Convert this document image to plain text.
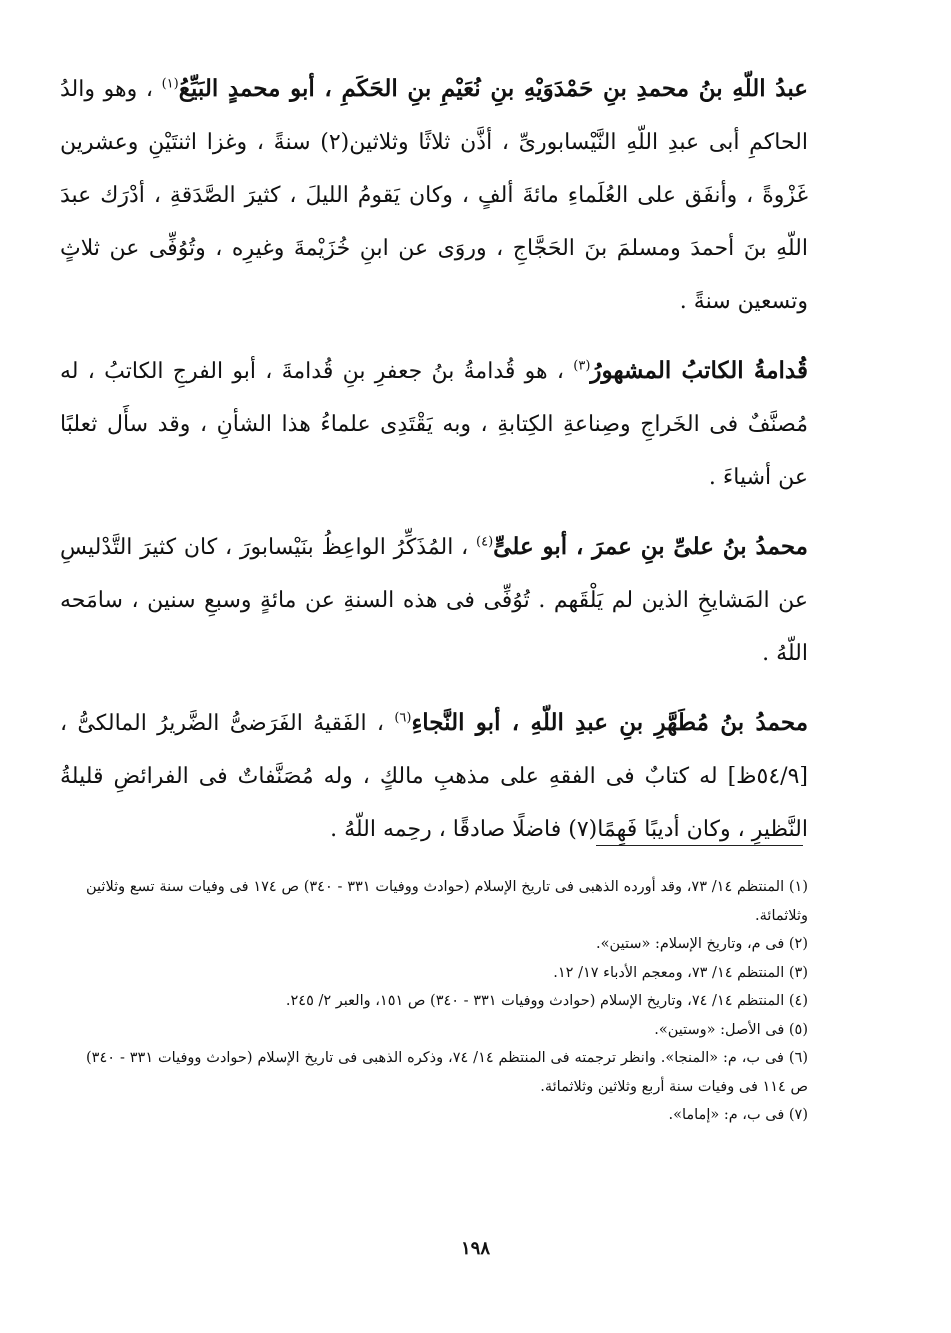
عبدُ اللّهِ بنُ محمدِ بنِ حَمْدَوَيْهِ بنِ نُعَيْمِ بنِ الحَكَمِ ، أبو محمدٍ البَيِّعُ$^{(١)}$ ، وهو والدُ الحاكمِ أبى عبدِ اللّهِ النَّيْسابورىِّ ، أذَّن ثلاثًا وثلاثين(٢) سنةً ، وغزا اثنتَيْنِ وعشرين غَزْوةً ، وأنفَق على العُلَماءِ مائةَ ألفٍ ، وكان يَقومُ الليلَ ، كثيرَ الصَّدَقةِ ، أدْرَك عبدَ اللّهِ بنَ أحمدَ ومسلمَ بنَ الحَجَّاجِ ، وروَى عن ابنِ خُزَيْمةَ وغيرِه ، وتُوُفِّى عن ثلاثٍ وتسعين سنةً .

قُدامةُ الكاتبُ المشهورُ$^{(٣)}$ ، هو قُدامةُ بنُ جعفرِ بنِ قُدامةَ ، أبو الفرجِ الكاتبُ ، له مُصنَّفٌ فى الخَراجِ وصِناعةِ الكِتابةِ ، وبه يَقْتَدِى علماءُ هذا الشأنِ ، وقد سأَل ثعلبًا عن أشياءَ .

محمدُ بنُ علىِّ بنِ عمرَ ، أبو علىٍّ$^{(٤)}$ ، المُذَكِّرُ الواعِظُ بنَيْسابورَ ، كان كثيرَ التَّدْليسِ عن المَشايخِ الذين لم يَلْقَهم . تُوُفِّى فى هذه السنةِ عن مائةٍ وسبعِ سنين ، سامَحه اللّهُ .

محمدُ بنُ مُطَهَّرِ بنِ عبدِ اللّهِ ، أبو النَّجاءِ$^{(٦)}$ ، الفَقيهُ الفَرَضىُّ الضَّريرُ المالكىُّ ، [٥٤/٩ظ] له كتابٌ فى الفقهِ على مذهبِ مالكٍ ، وله مُصَنَّفاتٌ فى الفرائضِ قليلةُ النَّظيرِ ، وكان أديبًا فَهِمًا(٧) فاضلًا صادقًا ، رحِمه اللّهُ .

(١) المنتظم ١٤/ ٧٣، وقد أورده الذهبى فى تاريخ الإسلام (حوادث ووفيات ٣٣١ - ٣٤٠) ص ١٧٤ فى وفيات سنة تسع وثلاثين وثلاثمائة.

(٢) فى م، وتاريخ الإسلام: «ستين».

(٣) المنتظم ١٤/ ٧٣، ومعجم الأدباء ١٧/ ١٢.

(٤) المنتظم ١٤/ ٧٤، وتاريخ الإسلام (حوادث ووفيات ٣٣١ - ٣٤٠) ص ١٥١، والعبر ٢/ ٢٤٥.

(٥) فى الأصل: «وستين».

(٦) فى ب، م: «المنجا». وانظر ترجمته فى المنتظم ١٤/ ٧٤، وذكره الذهبى فى تاريخ الإسلام (حوادث ووفيات ٣٣١ - ٣٤٠) ص ١١٤ فى وفيات سنة أربع وثلاثين وثلاثمائة.

(٧) فى ب، م: «إماما».

١٩٨
